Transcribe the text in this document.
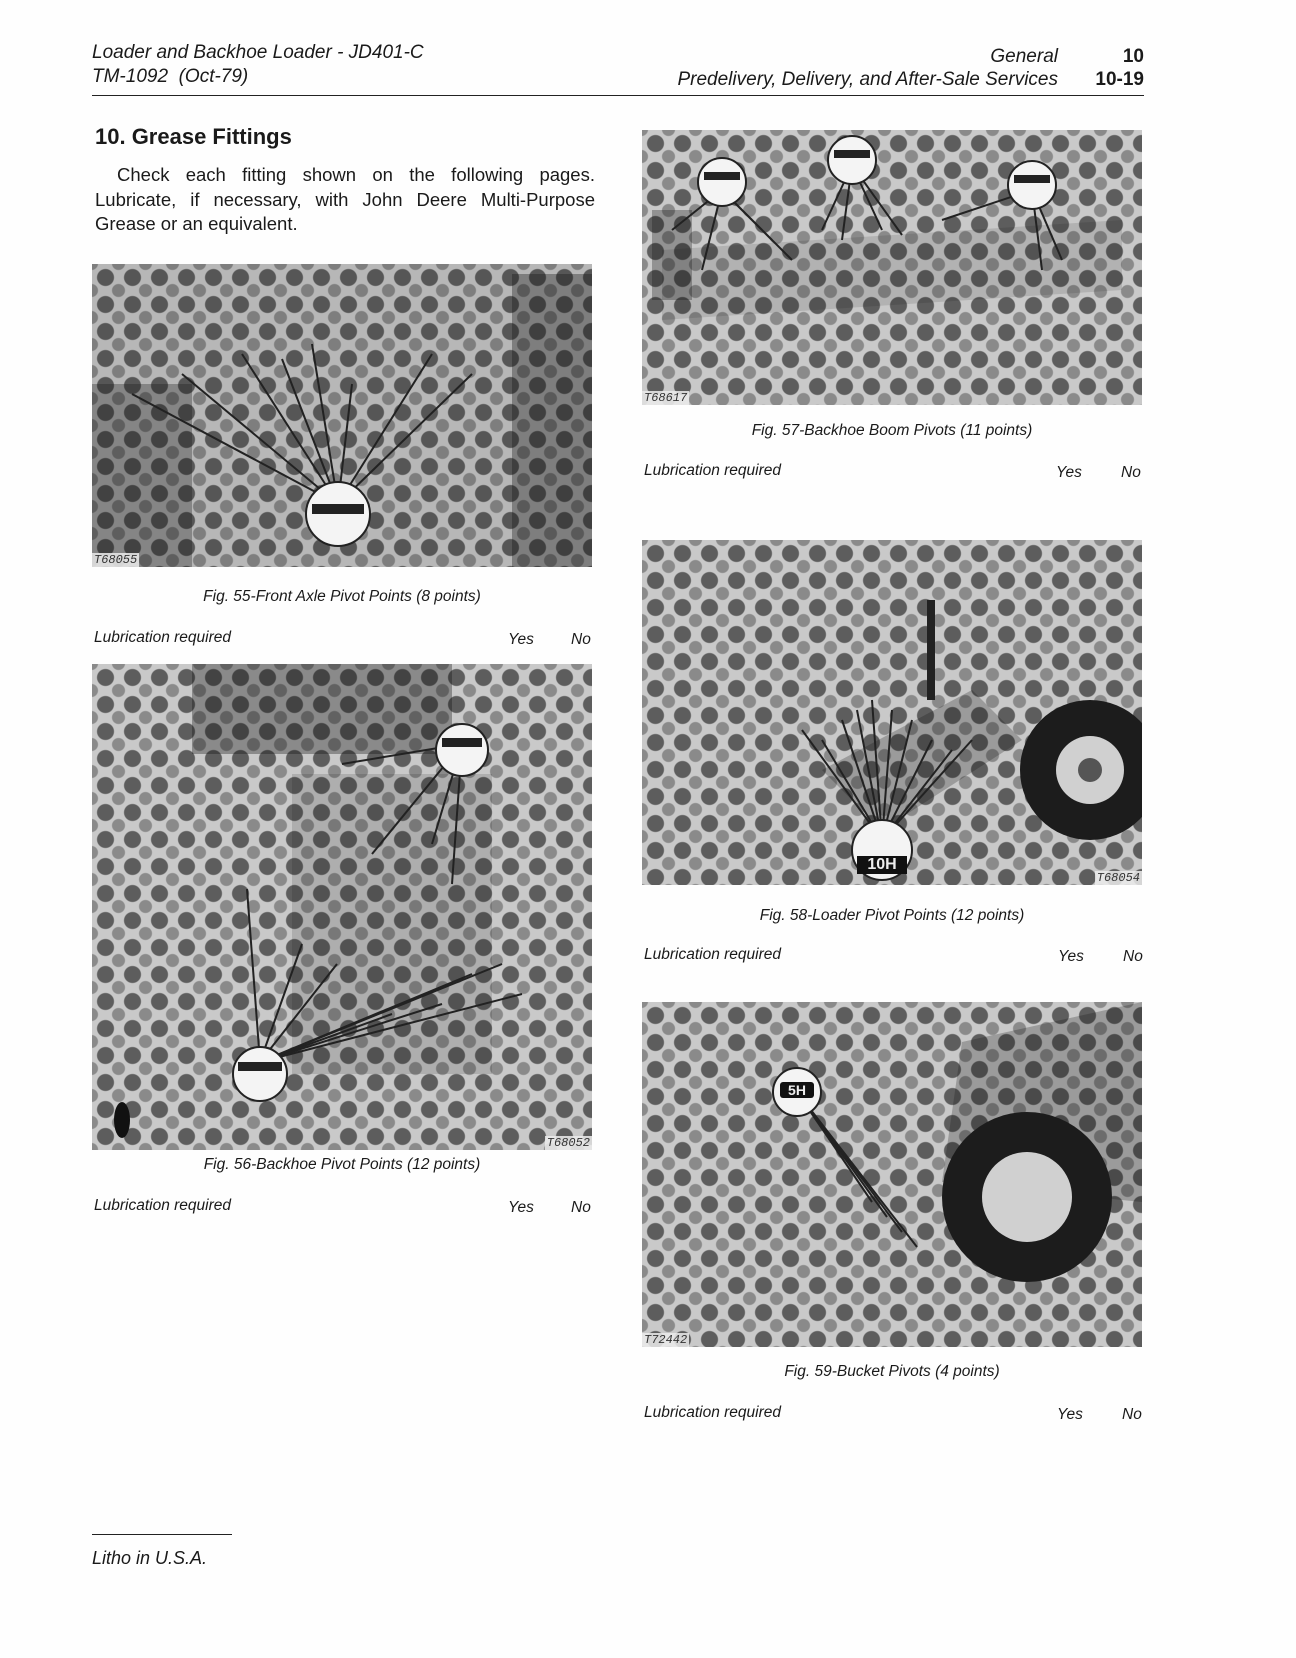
Loader and Backhoe Loader - JD401-C
TM-1092  (Oct-79)
General	10
Predelivery, Delivery, and After-Sale Services	10-19
10. Grease Fittings
Check each fitting shown on the following pages. Lubricate, if necessary, with John Deere Multi-Purpose Grease or an equivalent.
T68055
Fig. 55-Front Axle Pivot Points (8 points)
Lubrication required	Yes No
T68052
Fig. 56-Backhoe Pivot Points (12 points)
Lubrication required	Yes No
T68617
Fig. 57-Backhoe Boom Pivots (11 points)
Lubrication required	Yes	No
10H
T68054
Fig. 58-Loader Pivot Points (12 points)
Lubrication required	Yes	No
5H
T72442
Fig. 59-Bucket Pivots (4 points)
Lubrication required	Yes	No
Litho in U.S.A.
